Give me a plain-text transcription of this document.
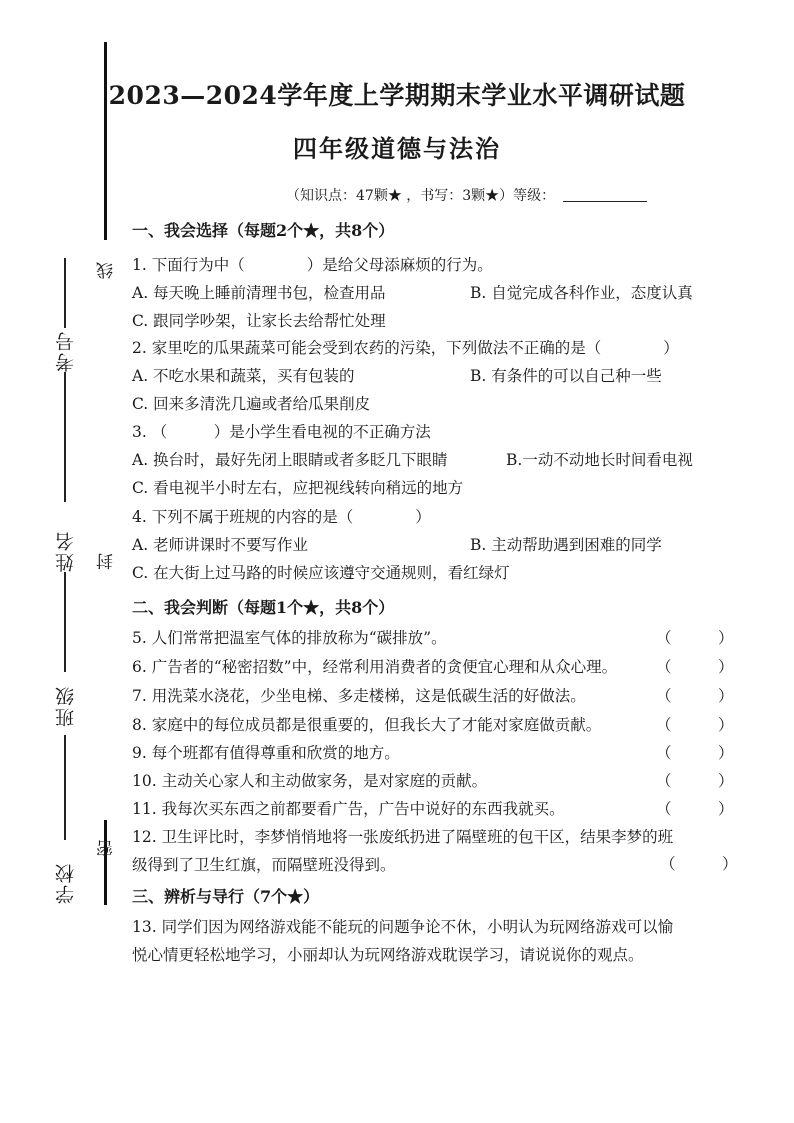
考号
姓名
班级
学校
线
封
密
2023—2024学年度上学期期末学业水平调研试题
四年级道德与法治
（知识点：47颗★ ，书写：3颗★）等级：
一、我会选择（每题2个★，共8个）
1. 下面行为中（　　　　）是给父母添麻烦的行为。
A. 每天晚上睡前清理书包，检查用品	B. 自觉完成各科作业，态度认真
C. 跟同学吵架，让家长去给帮忙处理
2. 家里吃的瓜果蔬菜可能会受到农药的污染，下列做法不正确的是（　　　　）
A. 不吃水果和蔬菜，买有包装的	B. 有条件的可以自己种一些
C. 回来多清洗几遍或者给瓜果削皮
3. （　　　）是小学生看电视的不正确方法
A. 换台时，最好先闭上眼睛或者多眨几下眼睛	B.一动不动地长时间看电视
C. 看电视半小时左右，应把视线转向稍远的地方
4. 下列不属于班规的内容的是（　　　　）
A. 老师讲课时不要写作业	B. 主动帮助遇到困难的同学
C. 在大街上过马路的时候应该遵守交通规则，看红绿灯
二、我会判断（每题1个★，共8个）
5. 人们常常把温室气体的排放称为“碳排放”。	（　　　）
6. 广告者的“秘密招数”中，经常利用消费者的贪便宜心理和从众心理。	（　　　）
7. 用洗菜水浇花，少坐电梯、多走楼梯，这是低碳生活的好做法。	（　　　）
8. 家庭中的每位成员都是很重要的，但我长大了才能对家庭做贡献。	（　　　）
9. 每个班都有值得尊重和欣赏的地方。	（　　　）
10. 主动关心家人和主动做家务，是对家庭的贡献。	（　　　）
11. 我每次买东西之前都要看广告，广告中说好的东西我就买。	（　　　）
12. 卫生评比时，李梦悄悄地将一张废纸扔进了隔壁班的包干区，结果李梦的班
级得到了卫生红旗，而隔壁班没得到。	（　　　）
三、辨析与导行（7个★）
13. 同学们因为网络游戏能不能玩的问题争论不休，小明认为玩网络游戏可以愉
悦心情更轻松地学习，小丽却认为玩网络游戏耽误学习，请说说你的观点。
